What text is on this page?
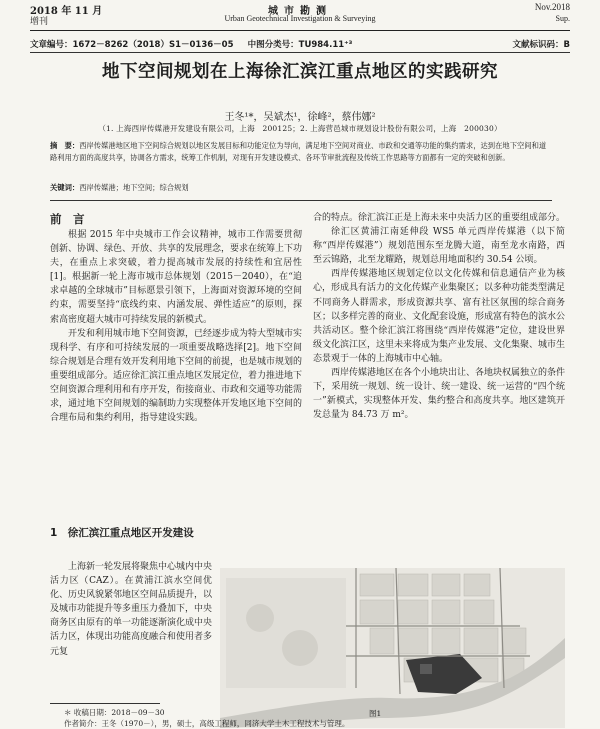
2018 年 11 月
增刊
城市勘测
Urban Geotechnical Investigation & Surveying
Nov.2018
Sup.
文章编号：1672－8262（2018）S1－0136－05	中图分类号：TU984.11⁺³	文献标识码：B
地下空间规划在上海徐汇滨江重点地区的实践研究
王冬¹*，吴斌杰¹，徐峰²，蔡伟娜²
（1. 上海西岸传媒港开发建设有限公司，上海　200125；2. 上海营邑城市规划设计股份有限公司，上海　200030）
摘　要：西岸传媒港地区地下空间综合规划以地区发展目标和功能定位为导向，满足地下空间对商业、市政和交通等功能的集约需求，达到在地下空间和道路利用方面的高度共享，协调各方需求，统筹工作机制，对现有开发建设模式、各环节审批流程及传统工作思路等方面都有一定的突破和创新。
关键词：西岸传媒港；地下空间；综合规划
前　言

根据 2015 年中央城市工作会议精神，城市工作需要贯彻创新、协调、绿色、开放、共享的发展理念，要求在统筹上下功夫，在重点上求突破，着力提高城市发展的持续性和宜居性[1]。根据新一轮上海市城市总体规划（2015－2040），在“追求卓越的全球城市”目标愿景引领下，上海面对资源环境的空间约束，需要坚持“底线约束、内涵发展、弹性适应”的原则，探索高密度超大城市可持续发展的新模式。

开发和利用城市地下空间资源，已经逐步成为特大型城市实现科学、有序和可持续发展的一项重要战略选择[2]。地下空间综合规划是合理有效开发利用地下空间的前提，也是城市规划的重要组成部分。适应徐汇滨江重点地区发展定位，着力推进地下空间资源合理利用和有序开发，衔接商业、市政和交通等功能需求，通过地下空间规划的编制助力实现整体开发地区地下空间的合理布局和集约利用，指导建设实践。

合的特点。徐汇滨江正是上海未来中央活力区的重要组成部分。

徐汇区黄浦江南延伸段 WS5 单元西岸传媒港（以下简称“西岸传媒港”）规划范围东至龙腾大道，南至龙水南路，西至云锦路，北至龙耀路，规划总用地面积约 30.54 公顷。

西岸传媒港地区规划定位以文化传媒和信息通信产业为核心，形成具有活力的文化传媒产业集聚区；以多种功能类型满足不同商务人群需求，形成资源共享、富有社区氛围的综合商务区；以多样完善的商业、文化配套设施，形成富有特色的滨水公共活动区。整个徐汇滨江将围绕“西岸传媒港”定位，建设世界级文化滨江区，这里未来将成为集产业发展、文化集聚、城市生态景观于一体的上海城市中心轴。

西岸传媒港地区在各个小地块出让、各地块权属独立的条件下，采用统一规划、统一设计、统一建设、统一运营的“四个统一”新模式，实现整体开发、集约整合和高度共享。地区建筑开发总量为 84.73 万 m²。

1　徐汇滨江重点地区开发建设

上海新一轮发展将聚焦中心城内中央活力区（CAZ）。在黄浦江滨水空间优化、历史风貌紧邻地区空间品质提升，以及城市功能提升等多重压力叠加下，中央商务区由原有的单一功能逐渐演化成中央活力区，体现出功能高度融合和使用者多元复

图1
＊ 收稿日期：2018－09－30
作者简介：王冬（1970－），男，硕士，高级工程师，同济大学土木工程技术与管理。
